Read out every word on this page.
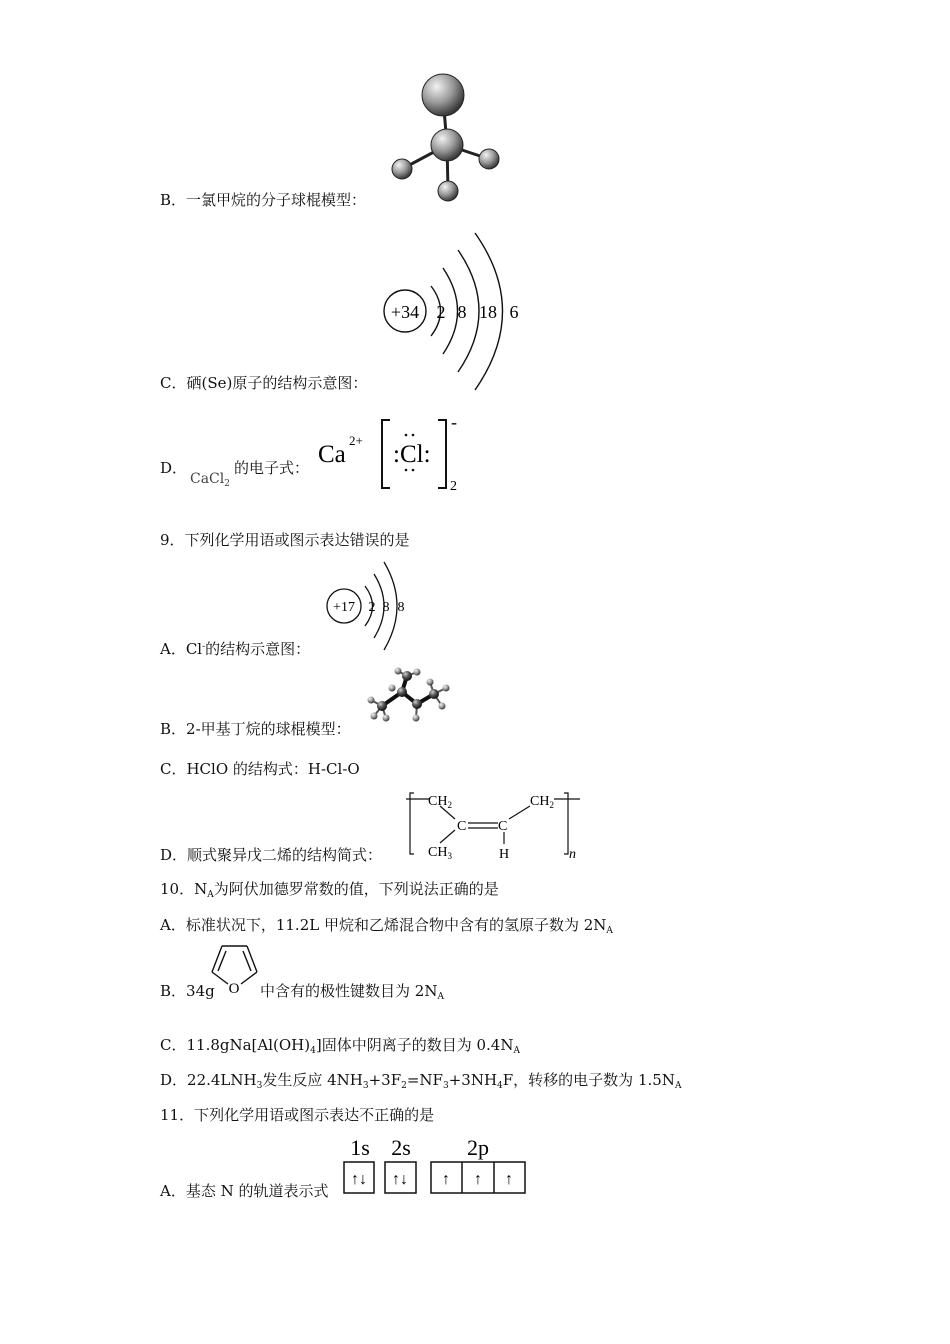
B．一氯甲烷的分子球棍模型：
+34 2 8 18 6
C．硒(Se)原子的结构示意图：
D．
CaCl$_2$
的电子式： Ca
2+
:Cl:
-
2
9．下列化学用语或图示表达错误的是
+17 2 8 8
A．Cl-的结构示意图：
B．2-甲基丁烷的球棍模型：
C．HClO 的结构式：H-Cl-O
$CH_2$	$CH_2$
$CH_3$
C C
H	n
D．顺式聚异戊二烯的结构简式：
10．$N_A$为阿伏加德罗常数的值，下列说法正确的是
A．标准状况下，11.2L 甲烷和乙烯混合物中含有的氢原子数为 $2N_A$
B．34g O 中含有的极性键数目为 $2N_A$
C．$11.8gNa[Al(OH)_4]$固体中阴离子的数目为 $0.4N_A$
D．$22.4LNH_3$发生反应 $4NH_3+3F_2=NF_3+3NH_4F$，转移的电子数为 $1.5N_A$
11．下列化学用语或图示表达不正确的是
1s 2s	2p
↑↓ ↑↓ ↑ ↑ ↑
A．基态 N 的轨道表示式
